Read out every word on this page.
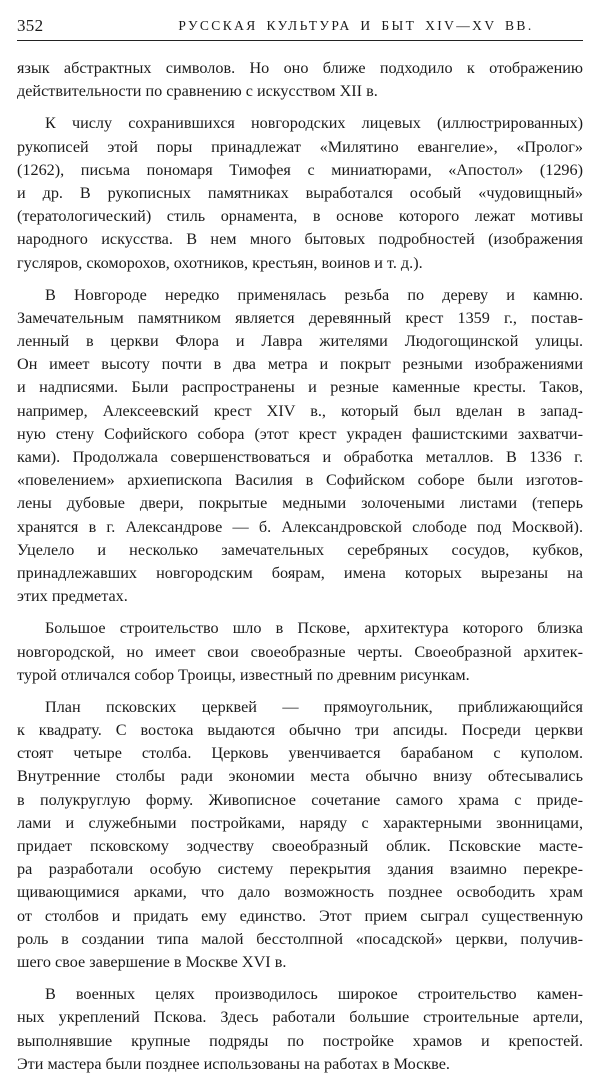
352	РУССКАЯ КУЛЬТУРА И БЫТ XIV—XV ВВ.

язык абстрактных символов. Но оно ближе подходило к отображению
действительности по сравнению с искусством XII в.

К числу сохранившихся новгородских лицевых (иллюстрированных)
рукописей этой поры принадлежат «Милятино евангелие», «Пролог»
(1262), письма пономаря Тимофея с миниатюрами, «Апостол» (1296)
и др. В рукописных памятниках выработался особый «чудовищный»
(тератологический) стиль орнамента, в основе которого лежат мотивы
народного искусства. В нем много бытовых подробностей (изображения
гусляров, скоморохов, охотников, крестьян, воинов и т. д.).

В Новгороде нередко применялась резьба по дереву и камню.
Замечательным памятником является деревянный крест 1359 г., постав-
ленный в церкви Флора и Лавра жителями Людогощинской улицы.
Он имеет высоту почти в два метра и покрыт резными изображениями
и надписями. Были распространены и резные каменные кресты. Таков,
например, Алексеевский крест XIV в., который был вделан в запад-
ную стену Софийского собора (этот крест украден фашистскими захватчи-
ками). Продолжала совершенствоваться и обработка металлов. В 1336 г.
«повелением» архиепископа Василия в Софийском соборе были изготов-
лены дубовые двери, покрытые медными золочеными листами (теперь
хранятся в г. Александрове — б. Александровской слободе под Москвой).
Уцелело и несколько замечательных серебряных сосудов, кубков,
принадлежавших новгородским боярам, имена которых вырезаны на
этих предметах.

Большое строительство шло в Пскове, архитектура которого близка
новгородской, но имеет свои своеобразные черты. Своеобразной архитек-
турой отличался собор Троицы, известный по древним рисункам.

План псковских церквей — прямоугольник, приближающийся
к квадрату. С востока выдаются обычно три апсиды. Посреди церкви
стоят четыре столба. Церковь увенчивается барабаном с куполом.
Внутренние столбы ради экономии места обычно внизу обтесывались
в полукруглую форму. Живописное сочетание самого храма с приде-
лами и служебными постройками, наряду с характерными звонницами,
придает псковскому зодчеству своеобразный облик. Псковские масте-
ра разработали особую систему перекрытия здания взаимно перекре-
щивающимися арками, что дало возможность позднее освободить храм
от столбов и придать ему единство. Этот прием сыграл существенную
роль в создании типа малой бесстолпной «посадской» церкви, получив-
шего свое завершение в Москве XVI в.

В военных целях производилось широкое строительство камен-
ных укреплений Пскова. Здесь работали большие строительные артели,
выполнявшие крупные подряды по постройке храмов и крепостей.
Эти мастера были позднее использованы на работах в Москве.
